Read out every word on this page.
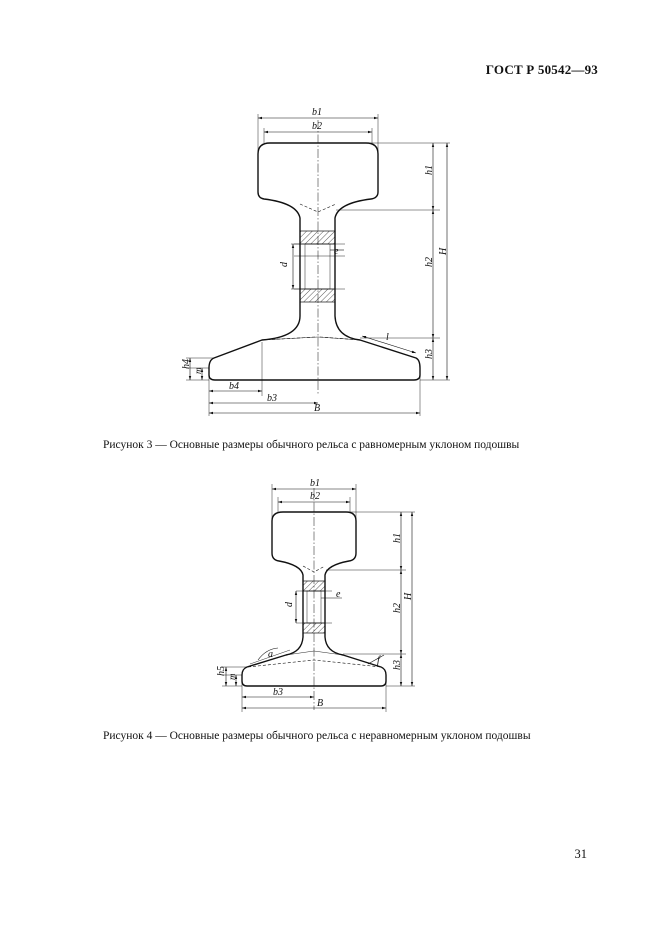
ГОСТ Р 50542—93
d
e
b1
b2
h1
h2
h3
H
l
h4
m
b4
b3
B
Рисунок 3 — Основные размеры обычного рельса с равномерным уклоном подошвы
d
e
b1
b2
h1
h2
h3
H
f
a
h5
m
b3
B
Рисунок 4 — Основные размеры обычного рельса с неравномерным уклоном подошвы
31
